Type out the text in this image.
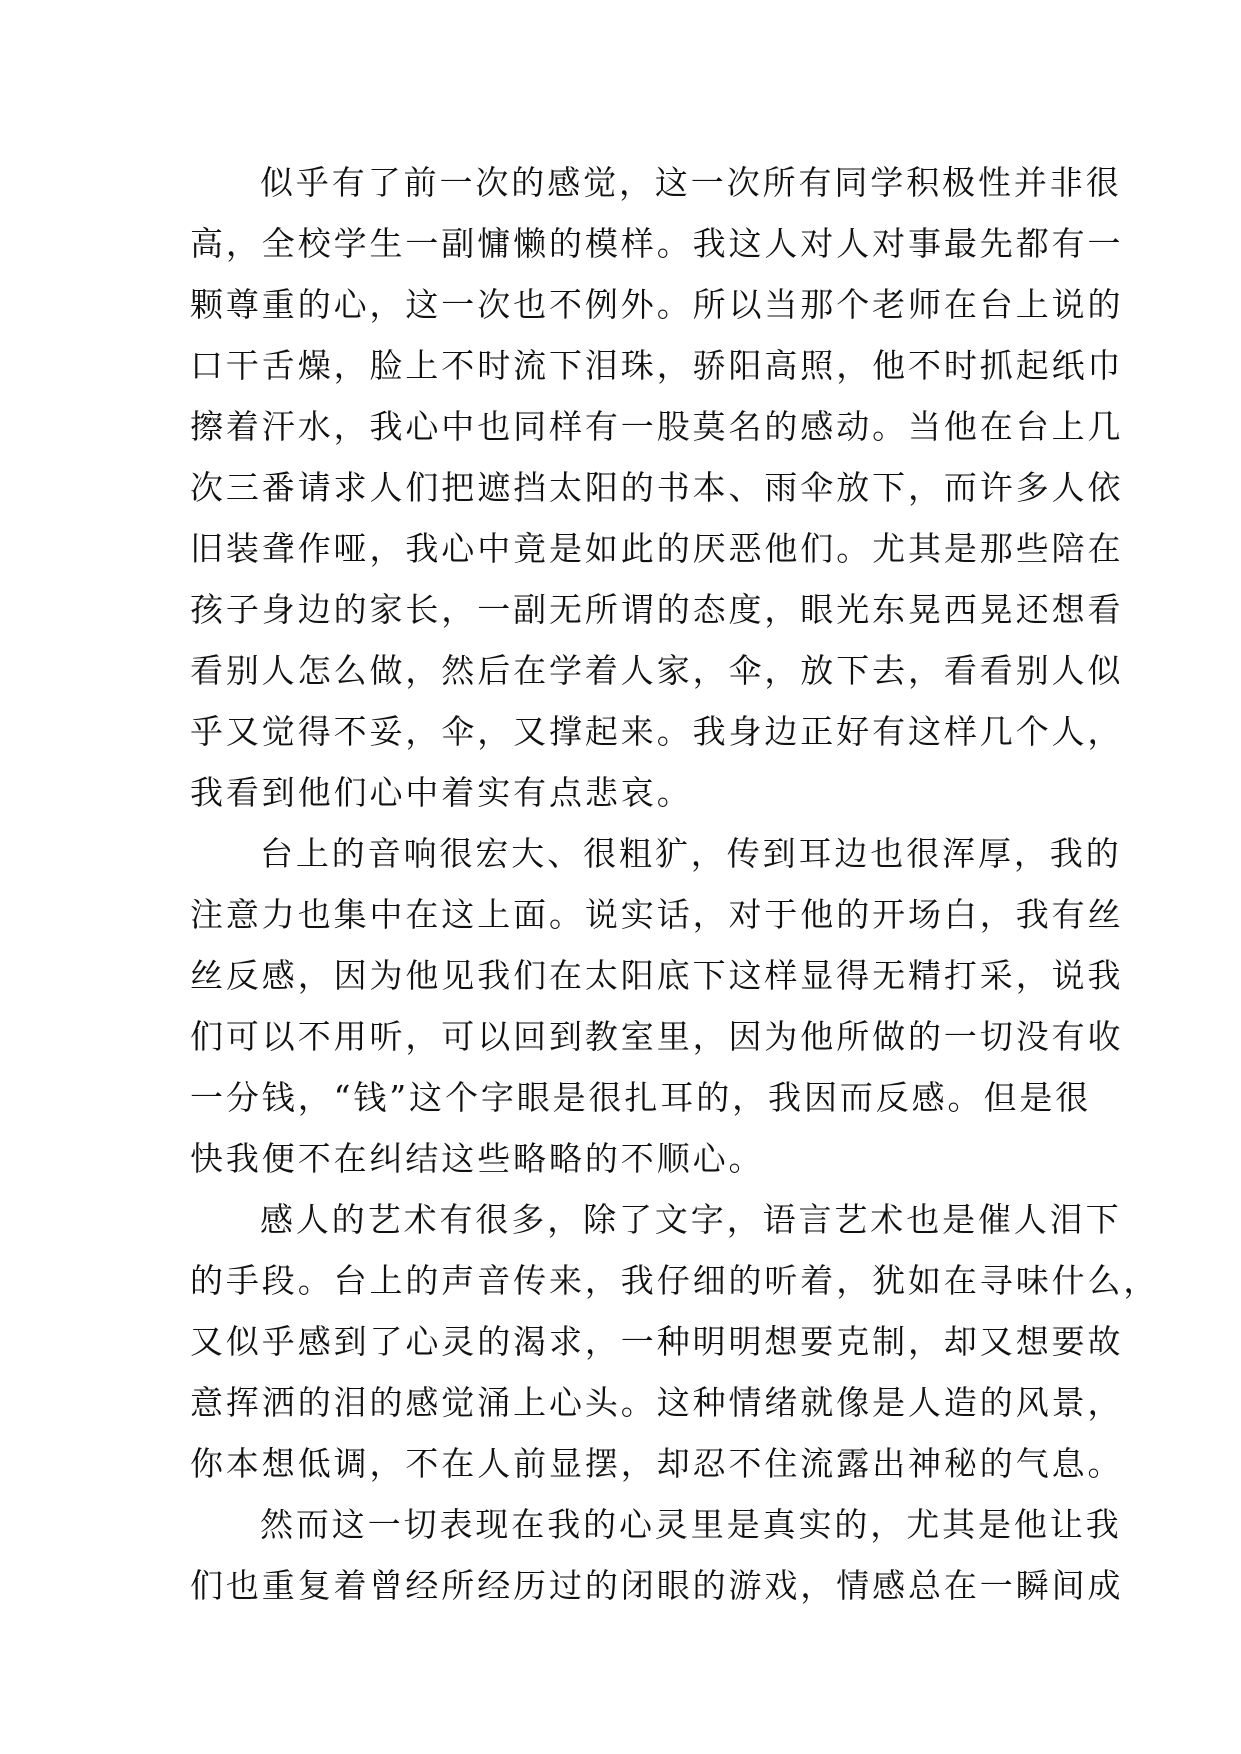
似乎有了前一次的感觉，这一次所有同学积极性并非很
高，全校学生一副慵懒的模样。我这人对人对事最先都有一
颗尊重的心，这一次也不例外。所以当那个老师在台上说的
口干舌燥，脸上不时流下泪珠，骄阳高照，他不时抓起纸巾
擦着汗水，我心中也同样有一股莫名的感动。当他在台上几
次三番请求人们把遮挡太阳的书本、雨伞放下，而许多人依
旧装聋作哑，我心中竟是如此的厌恶他们。尤其是那些陪在
孩子身边的家长，一副无所谓的态度，眼光东晃西晃还想看
看别人怎么做，然后在学着人家，伞，放下去，看看别人似
乎又觉得不妥，伞，又撑起来。我身边正好有这样几个人，
我看到他们心中着实有点悲哀。
台上的音响很宏大、很粗犷，传到耳边也很浑厚，我的
注意力也集中在这上面。说实话，对于他的开场白，我有丝
丝反感，因为他见我们在太阳底下这样显得无精打采，说我
们可以不用听，可以回到教室里，因为他所做的一切没有收
一分钱，“钱”这个字眼是很扎耳的，我因而反感。但是很
快我便不在纠结这些略略的不顺心。
感人的艺术有很多，除了文字，语言艺术也是催人泪下
的手段。台上的声音传来，我仔细的听着，犹如在寻味什么，
又似乎感到了心灵的渴求，一种明明想要克制，却又想要故
意挥洒的泪的感觉涌上心头。这种情绪就像是人造的风景，
你本想低调，不在人前显摆，却忍不住流露出神秘的气息。
然而这一切表现在我的心灵里是真实的，尤其是他让我
们也重复着曾经所经历过的闭眼的游戏，情感总在一瞬间成
